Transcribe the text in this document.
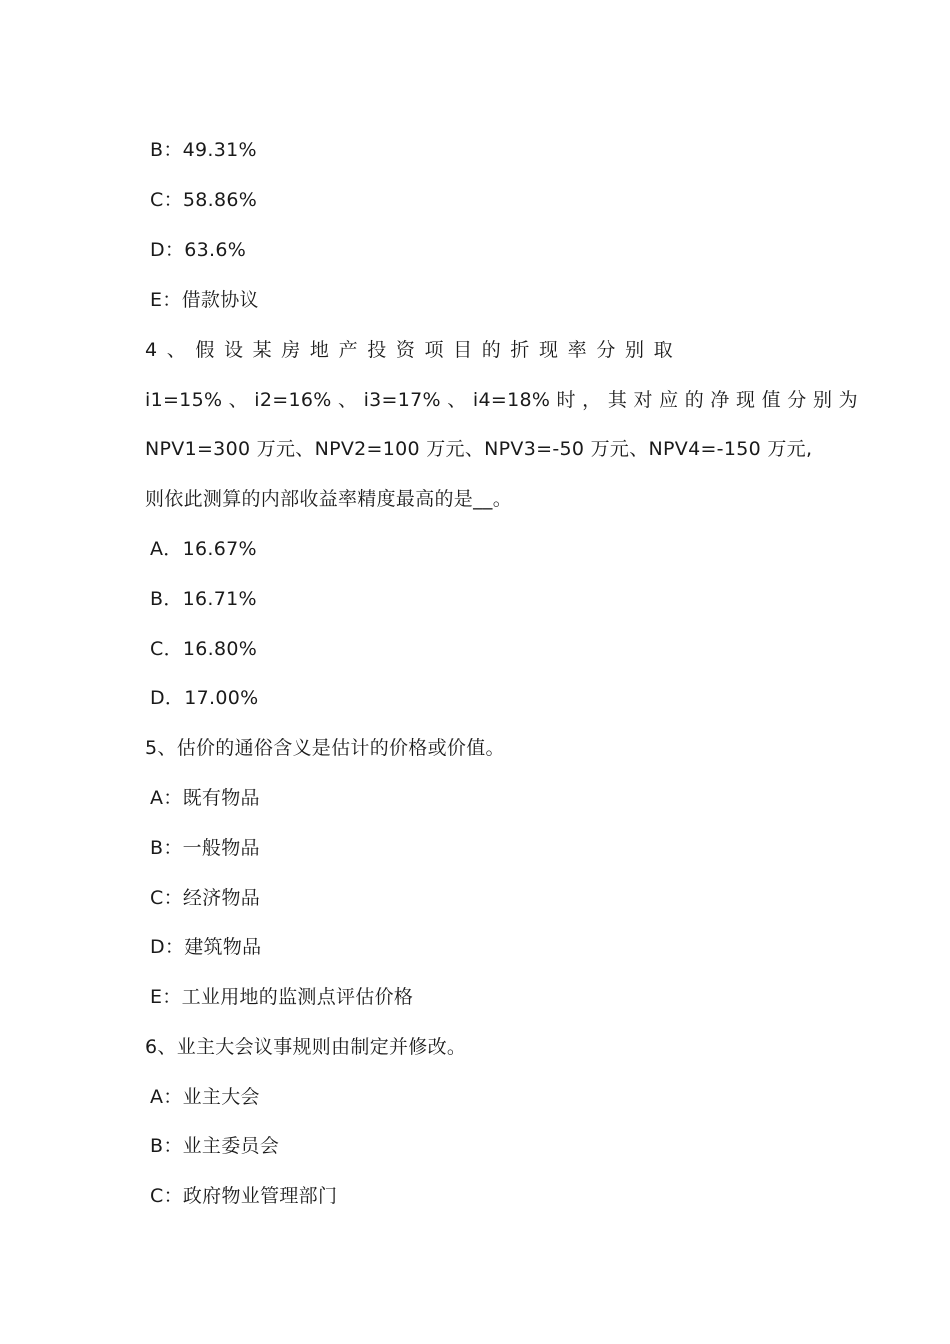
B：49.31%
C：58.86%
D：63.6%
E：借款协议
4 、 假 设 某 房 地 产 投 资 项 目 的 折 现 率 分 别 取
i1=15% 、 i2=16% 、 i3=17% 、 i4=18% 时 ， 其 对 应 的 净 现 值 分 别 为
NPV1=300 万元、NPV2=100 万元、NPV3=-50 万元、NPV4=-150 万元,
则依此测算的内部收益率精度最高的是__。
A．16.67%
B．16.71%
C．16.80%
D．17.00%
5、估价的通俗含义是估计的价格或价值。
A：既有物品
B：一般物品
C：经济物品
D：建筑物品
E：工业用地的监测点评估价格
6、业主大会议事规则由制定并修改。
A：业主大会
B：业主委员会
C：政府物业管理部门
